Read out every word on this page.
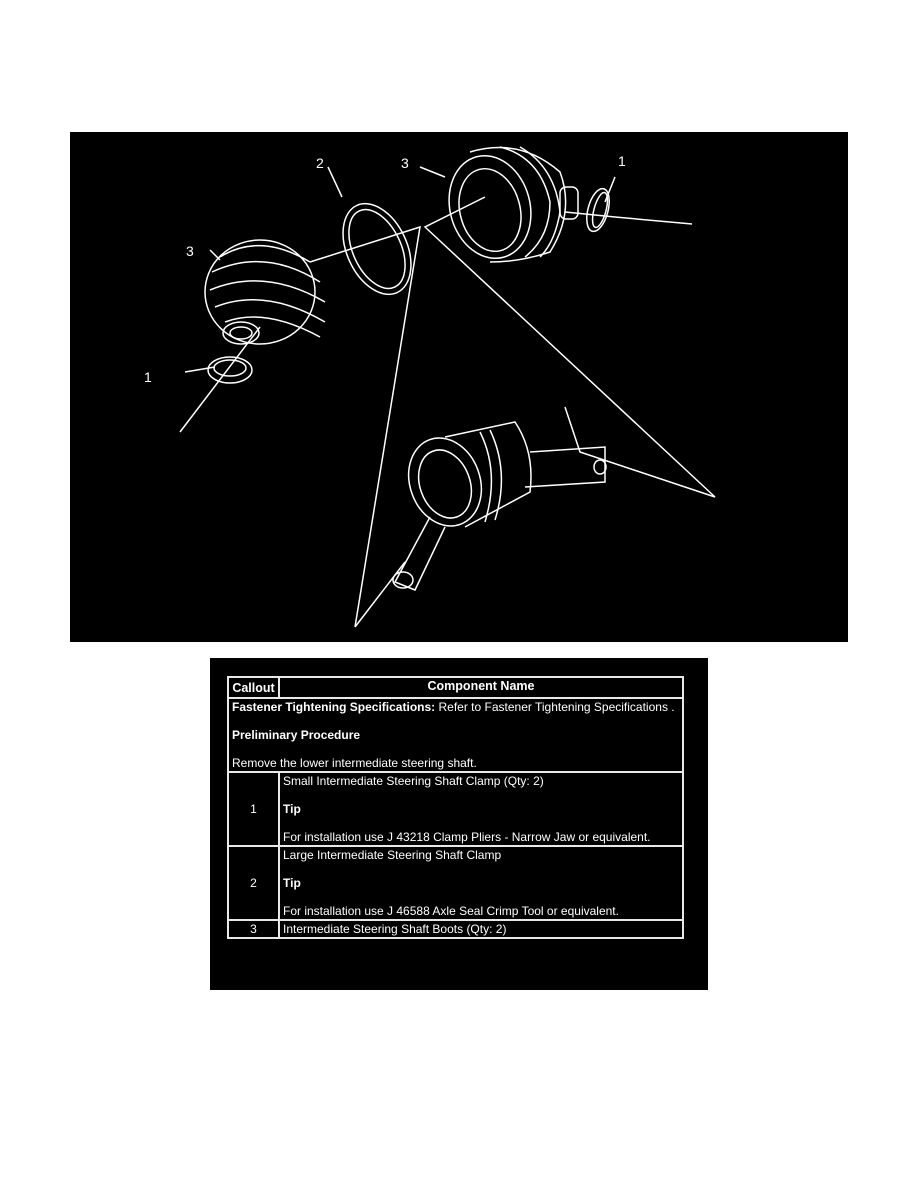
3
2	3	1
1
Callout	Component Name

Fastener Tightening Specifications: Refer to Fastener Tightening Specifications .
Preliminary Procedure
Remove the lower intermediate steering shaft.	

1	Small Intermediate Steering Shaft Clamp (Qty: 2)
Tip
For installation use J 43218 Clamp Pliers - Narrow Jaw or equivalent.

2	Large Intermediate Steering Shaft Clamp
Tip
For installation use J 46588 Axle Seal Crimp Tool or equivalent.

3	Intermediate Steering Shaft Boots (Qty: 2)
